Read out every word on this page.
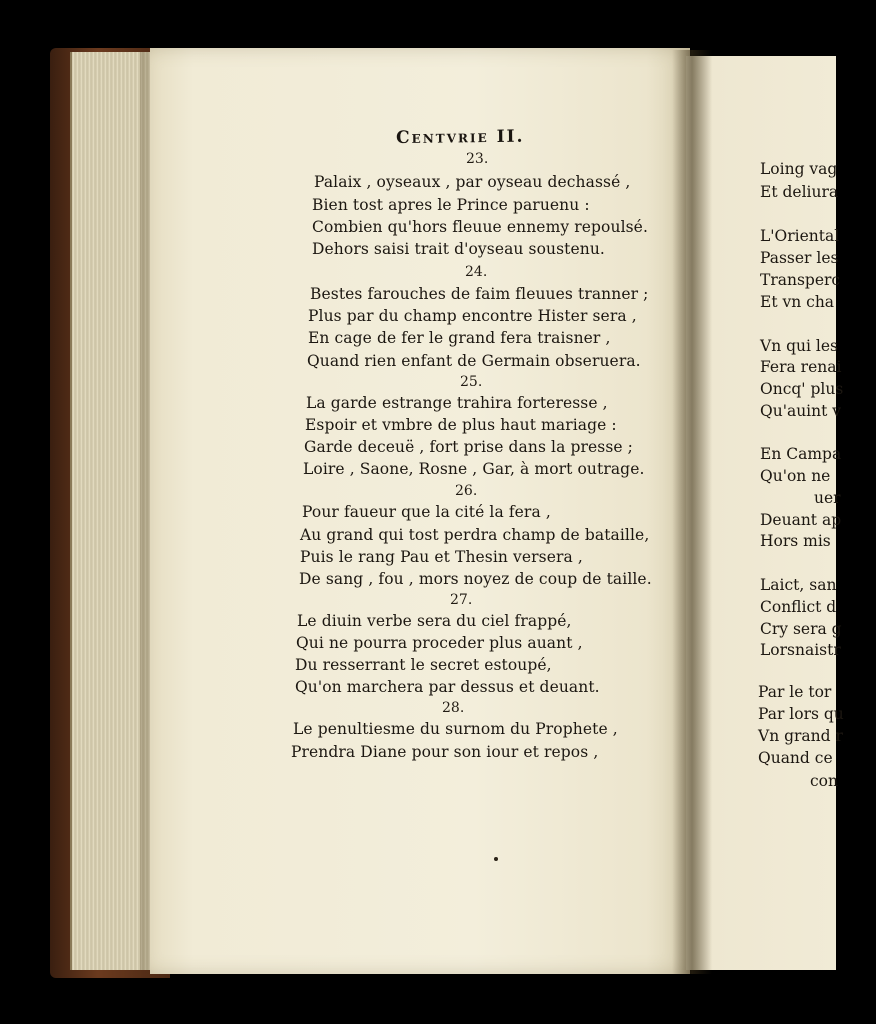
Loing vag
Et deliura
L'Oriental
Passer les
Transperc
Et vn cha
Vn qui les
Fera renai
Oncq' plus
Qu'auint v
En Campa
Qu'on ne
uer
Deuant ap
Hors mis
Laict, san
Conflict d
Cry sera g
Lorsnaistr
Par le tor
Par lors qu
Vn grand r
Quand ce
con
Centvrie II.
23.
Palaix , oyseaux , par oyseau dechassé ,
Bien tost apres le Prince paruenu :
Combien qu'hors fleuue ennemy repoulsé.
Dehors saisi trait d'oyseau soustenu.
24.
Bestes farouches de faim fleuues tranner ;
Plus par du champ encontre Hister sera ,
En cage de fer le grand fera traisner ,
Quand rien enfant de Germain obseruera.
25.
La garde estrange trahira forteresse ,
Espoir et vmbre de plus haut mariage :
Garde deceuë , fort prise dans la presse ;
Loire , Saone, Rosne , Gar, à mort outrage.
26.
Pour faueur que la cité la fera ,
Au grand qui tost perdra champ de bataille,
Puis le rang Pau et Thesin versera ,
De sang , fou , mors noyez de coup de taille.
27.
Le diuin verbe sera du ciel frappé,
Qui ne pourra proceder plus auant ,
Du resserrant le secret estoupé,
Qu'on marchera par dessus et deuant.
28.
Le penultiesme du surnom du Prophete ,
Prendra Diane pour son iour et repos ,
